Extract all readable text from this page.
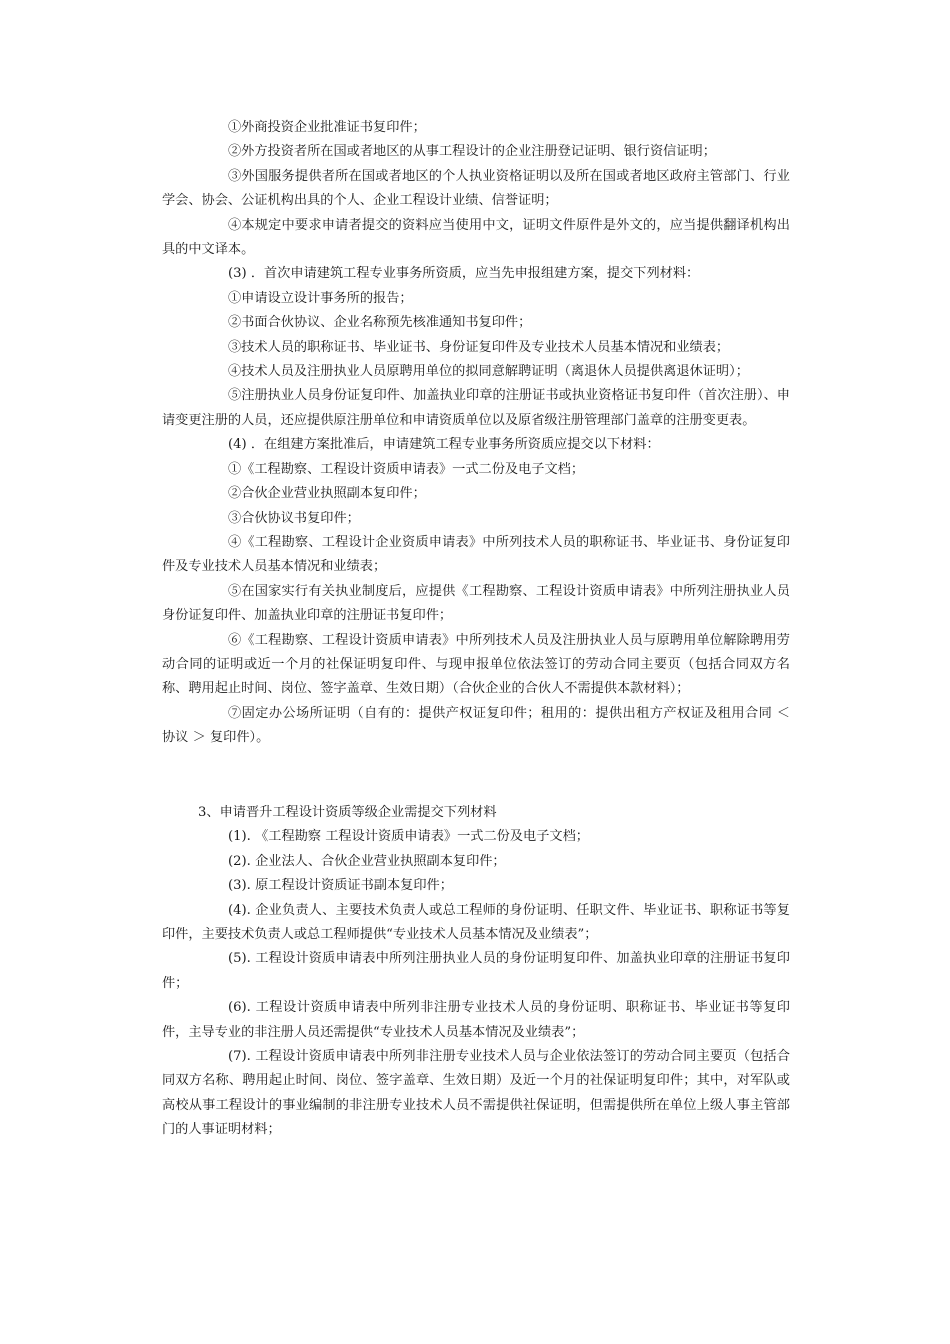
①外商投资企业批准证书复印件；

②外方投资者所在国或者地区的从事工程设计的企业注册登记证明、银行资信证明；

③外国服务提供者所在国或者地区的个人执业资格证明以及所在国或者地区政府主管部门、行业学会、协会、公证机构出具的个人、企业工程设计业绩、信誉证明；

④本规定中要求申请者提交的资料应当使用中文，证明文件原件是外文的，应当提供翻译机构出具的中文译本。

(3) ．首次申请建筑工程专业事务所资质，应当先申报组建方案，提交下列材料：

①申请设立设计事务所的报告；

②书面合伙协议、企业名称预先核准通知书复印件；

③技术人员的职称证书、毕业证书、身份证复印件及专业技术人员基本情况和业绩表；

④技术人员及注册执业人员原聘用单位的拟同意解聘证明（离退休人员提供离退休证明）；

⑤注册执业人员身份证复印件、加盖执业印章的注册证书或执业资格证书复印件（首次注册）、申请变更注册的人员，还应提供原注册单位和申请资质单位以及原省级注册管理部门盖章的注册变更表。

(4) ．在组建方案批准后，申请建筑工程专业事务所资质应提交以下材料：

①《工程勘察、工程设计资质申请表》一式二份及电子文档；

②合伙企业营业执照副本复印件；

③合伙协议书复印件；

④《工程勘察、工程设计企业资质申请表》中所列技术人员的职称证书、毕业证书、身份证复印件及专业技术人员基本情况和业绩表；

⑤在国家实行有关执业制度后，应提供《工程勘察、工程设计资质申请表》中所列注册执业人员身份证复印件、加盖执业印章的注册证书复印件；

⑥《工程勘察、工程设计资质申请表》中所列技术人员及注册执业人员与原聘用单位解除聘用劳动合同的证明或近一个月的社保证明复印件、与现申报单位依法签订的劳动合同主要页（包括合同双方名称、聘用起止时间、岗位、签字盖章、生效日期）（合伙企业的合伙人不需提供本款材料）；

⑦固定办公场所证明（自有的：提供产权证复印件；租用的：提供出租方产权证及租用合同 ＜ 协议 ＞ 复印件）。

3、申请晋升工程设计资质等级企业需提交下列材料

(1). 《工程勘察 工程设计资质申请表》一式二份及电子文档；

(2). 企业法人、合伙企业营业执照副本复印件；

(3). 原工程设计资质证书副本复印件；

(4). 企业负责人、主要技术负责人或总工程师的身份证明、任职文件、毕业证书、职称证书等复印件，主要技术负责人或总工程师提供“专业技术人员基本情况及业绩表”；

(5). 工程设计资质申请表中所列注册执业人员的身份证明复印件、加盖执业印章的注册证书复印件；

(6). 工程设计资质申请表中所列非注册专业技术人员的身份证明、职称证书、毕业证书等复印件，主导专业的非注册人员还需提供“专业技术人员基本情况及业绩表”；

(7). 工程设计资质申请表中所列非注册专业技术人员与企业依法签订的劳动合同主要页（包括合同双方名称、聘用起止时间、岗位、签字盖章、生效日期）及近一个月的社保证明复印件；其中，对军队或高校从事工程设计的事业编制的非注册专业技术人员不需提供社保证明，但需提供所在单位上级人事主管部门的人事证明材料；
